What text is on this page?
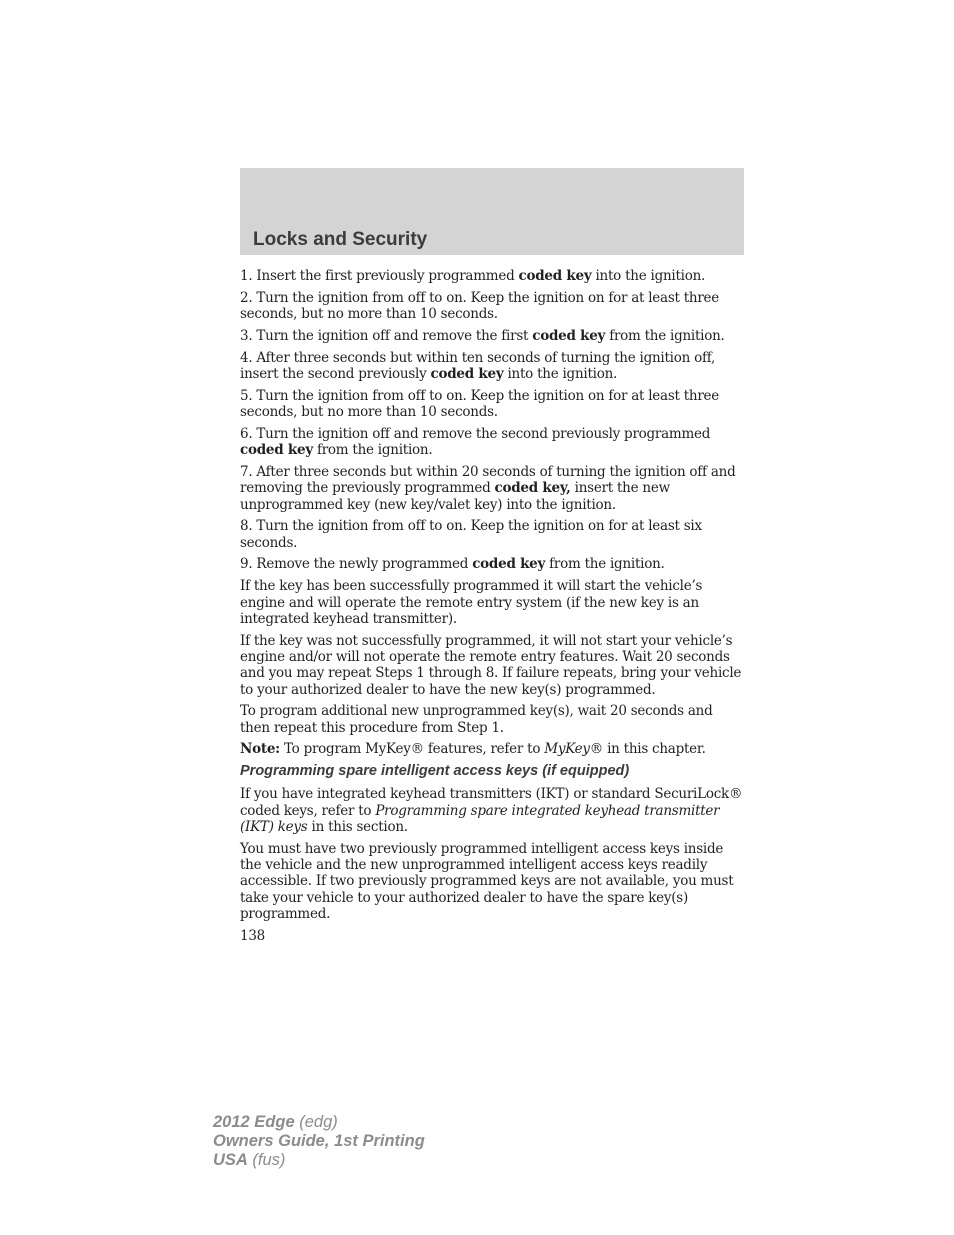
Locks and Security

1. Insert the first previously programmed coded key into the ignition.

2. Turn the ignition from off to on. Keep the ignition on for at least three seconds, but no more than 10 seconds.

3. Turn the ignition off and remove the first coded key from the ignition.

4. After three seconds but within ten seconds of turning the ignition off, insert the second previously coded key into the ignition.

5. Turn the ignition from off to on. Keep the ignition on for at least three seconds, but no more than 10 seconds.

6. Turn the ignition off and remove the second previously programmed coded key from the ignition.

7. After three seconds but within 20 seconds of turning the ignition off and removing the previously programmed coded key, insert the new unprogrammed key (new key/valet key) into the ignition.

8. Turn the ignition from off to on. Keep the ignition on for at least six seconds.

9. Remove the newly programmed coded key from the ignition.

If the key has been successfully programmed it will start the vehicle’s engine and will operate the remote entry system (if the new key is an integrated keyhead transmitter).

If the key was not successfully programmed, it will not start your vehicle’s engine and/or will not operate the remote entry features. Wait 20 seconds and you may repeat Steps 1 through 8. If failure repeats, bring your vehicle to your authorized dealer to have the new key(s) programmed.

To program additional new unprogrammed key(s), wait 20 seconds and then repeat this procedure from Step 1.

Note: To program MyKey® features, refer to MyKey® in this chapter.

Programming spare intelligent access keys (if equipped)

If you have integrated keyhead transmitters (IKT) or standard SecuriLock® coded keys, refer to Programming spare integrated keyhead transmitter (IKT) keys in this section.

You must have two previously programmed intelligent access keys inside the vehicle and the new unprogrammed intelligent access keys readily accessible. If two previously programmed keys are not available, you must take your vehicle to your authorized dealer to have the spare key(s) programmed.

138
2012 Edge (edg)
Owners Guide, 1st Printing
USA (fus)
